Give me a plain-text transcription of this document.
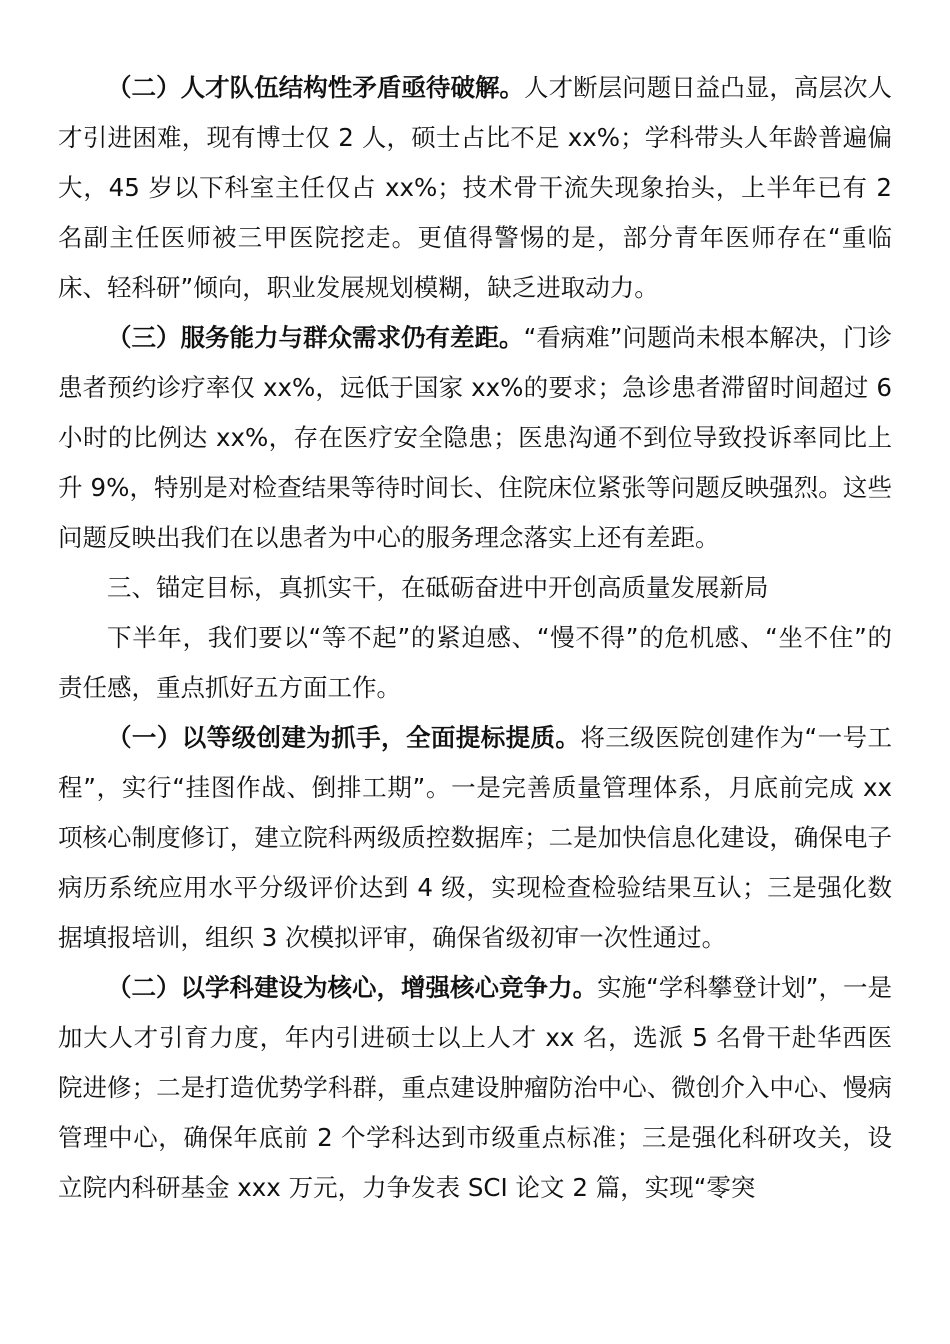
（二）人才队伍结构性矛盾亟待破解。人才断层问题日益凸显，高层次人才引进困难，现有博士仅 2 人，硕士占比不足 xx%；学科带头人年龄普遍偏大，45 岁以下科室主任仅占 xx%；技术骨干流失现象抬头，上半年已有 2 名副主任医师被三甲医院挖走。更值得警惕的是，部分青年医师存在“重临床、轻科研”倾向，职业发展规划模糊，缺乏进取动力。

（三）服务能力与群众需求仍有差距。“看病难”问题尚未根本解决，门诊患者预约诊疗率仅 xx%，远低于国家 xx%的要求；急诊患者滞留时间超过 6 小时的比例达 xx%，存在医疗安全隐患；医患沟通不到位导致投诉率同比上升 9%，特别是对检查结果等待时间长、住院床位紧张等问题反映强烈。这些问题反映出我们在以患者为中心的服务理念落实上还有差距。

三、锚定目标，真抓实干，在砥砺奋进中开创高质量发展新局

下半年，我们要以“等不起”的紧迫感、“慢不得”的危机感、“坐不住”的责任感，重点抓好五方面工作。

（一）以等级创建为抓手，全面提标提质。将三级医院创建作为“一号工程”，实行“挂图作战、倒排工期”。一是完善质量管理体系，月底前完成 xx 项核心制度修订，建立院科两级质控数据库；二是加快信息化建设，确保电子病历系统应用水平分级评价达到 4 级，实现检查检验结果互认；三是强化数据填报培训，组织 3 次模拟评审，确保省级初审一次性通过。

（二）以学科建设为核心，增强核心竞争力。实施“学科攀登计划”，一是加大人才引育力度，年内引进硕士以上人才 xx 名，选派 5 名骨干赴华西医院进修；二是打造优势学科群，重点建设肿瘤防治中心、微创介入中心、慢病管理中心，确保年底前 2 个学科达到市级重点标准；三是强化科研攻关，设立院内科研基金 xxx 万元，力争发表 SCI 论文 2 篇，实现“零突
